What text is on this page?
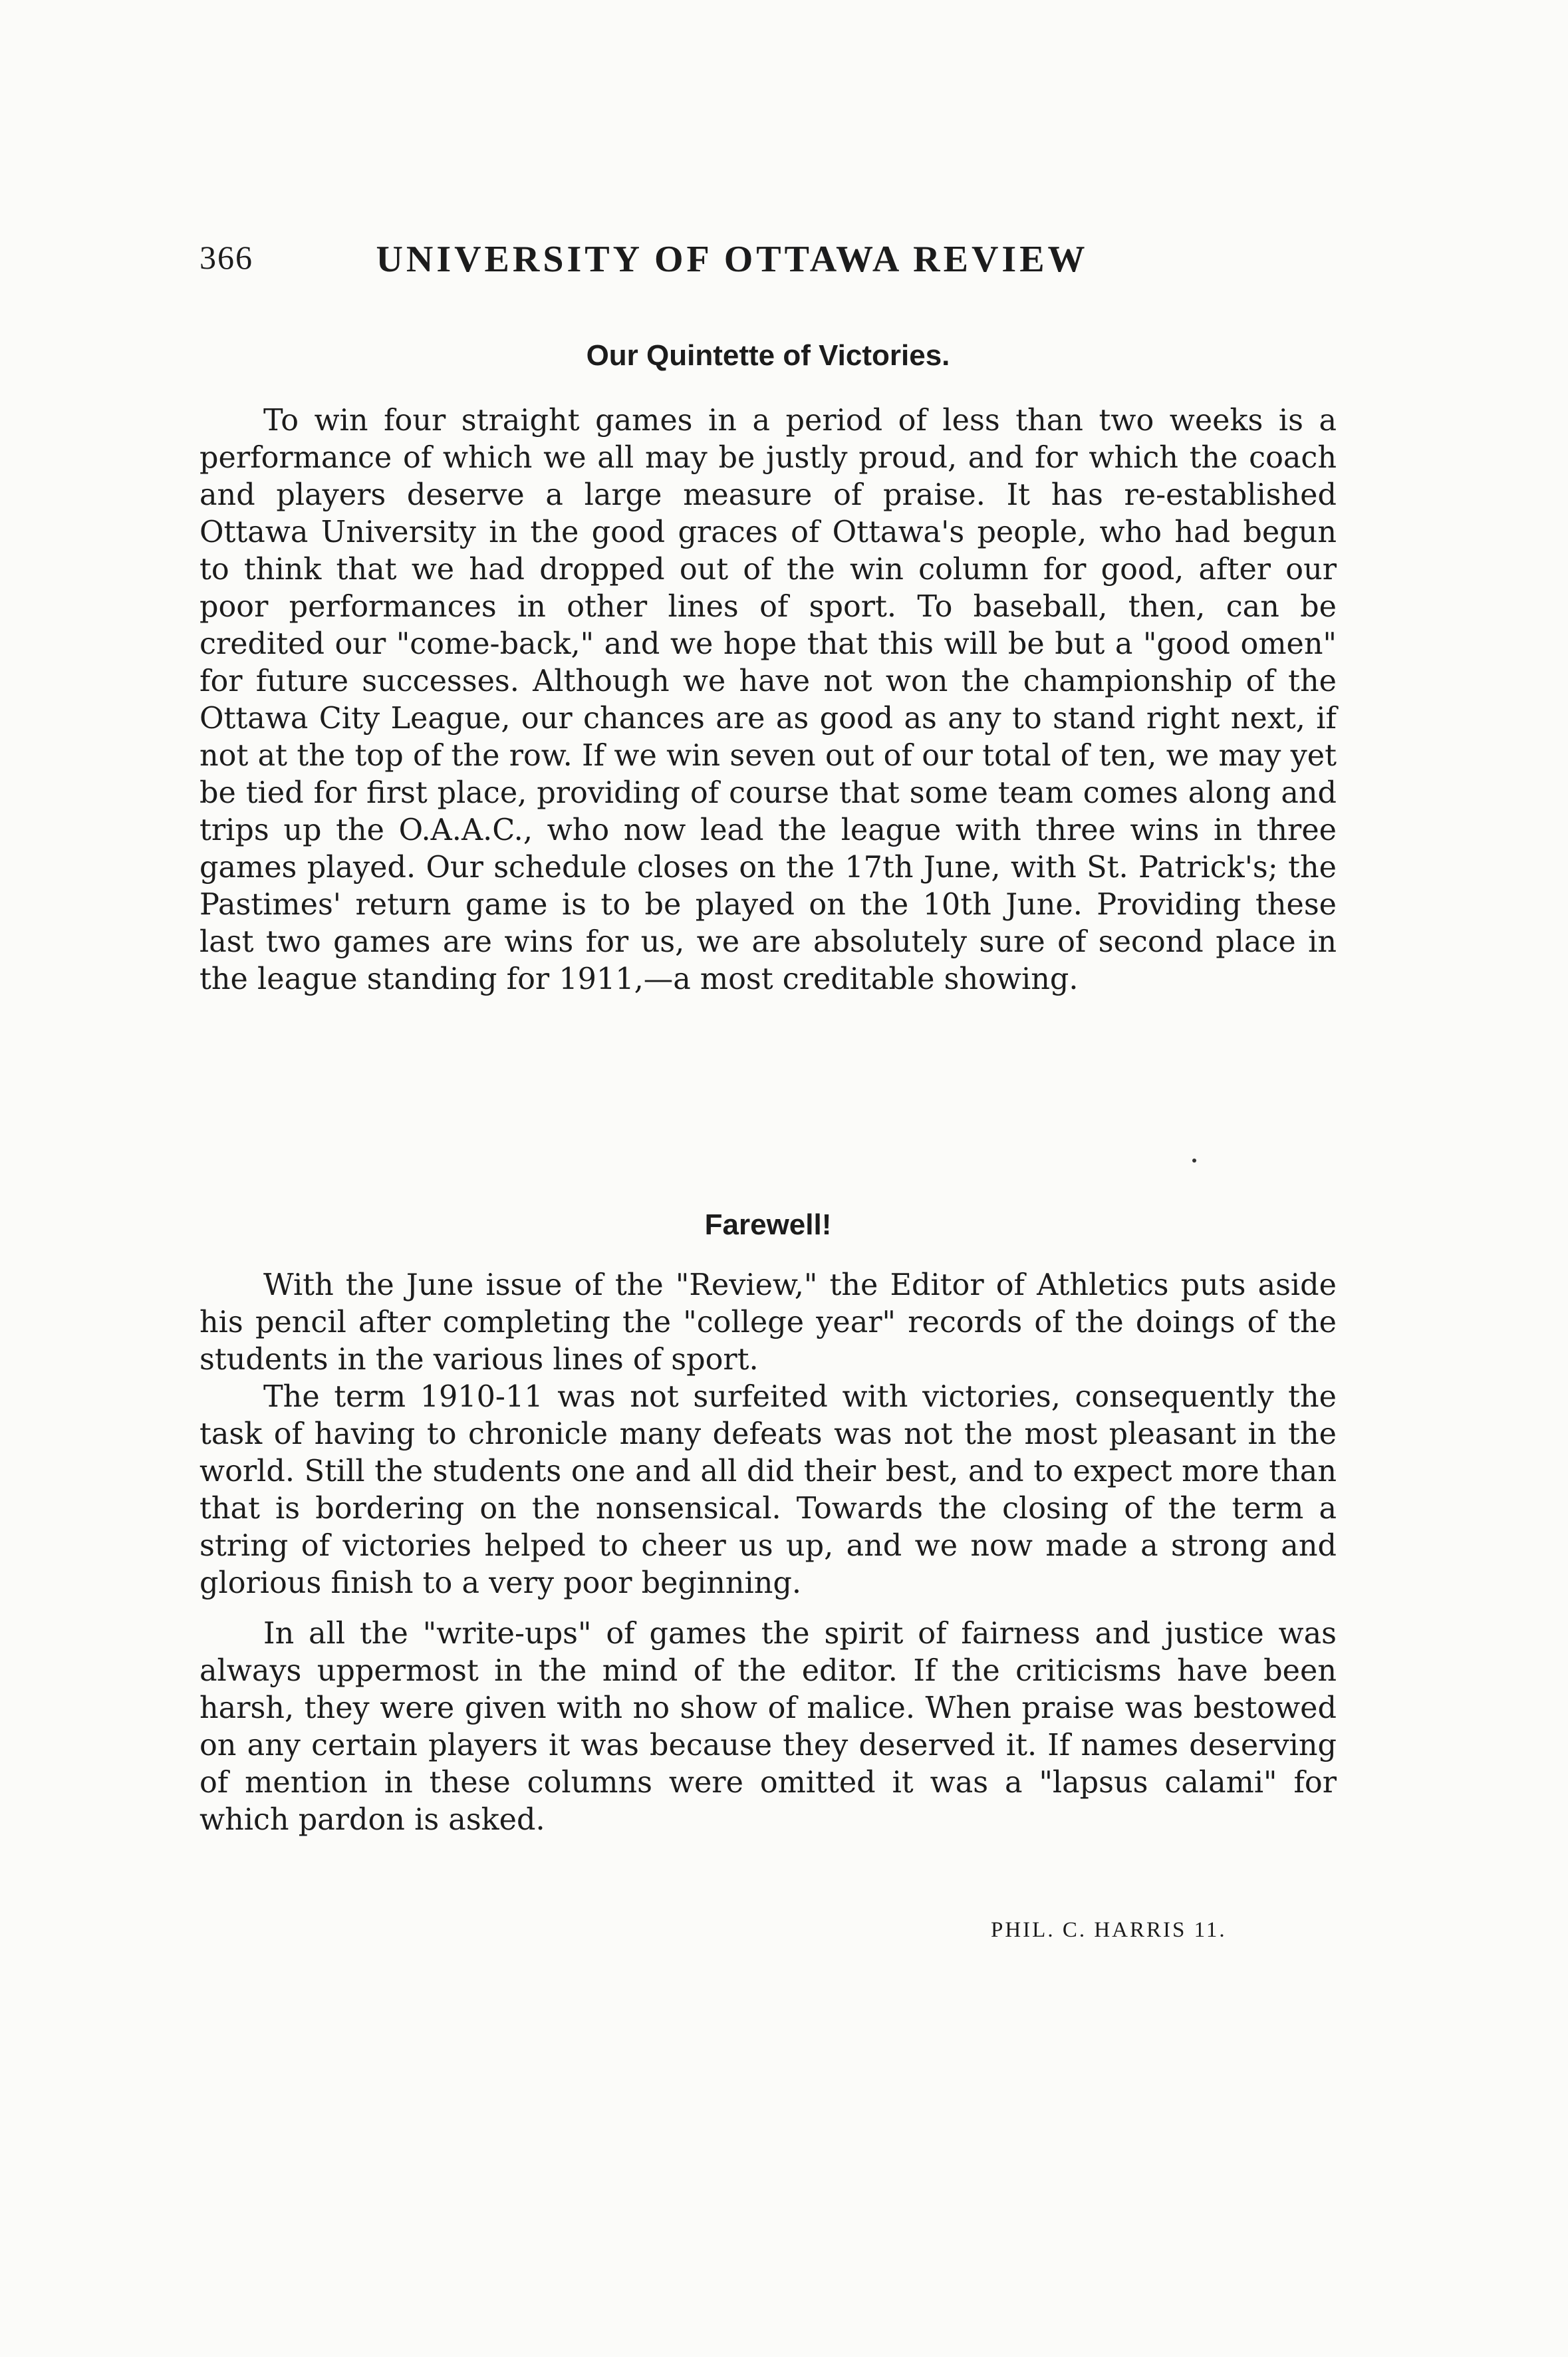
366	UNIVERSITY OF OTTAWA REVIEW
Our Quintette of Victories.

To win four straight games in a period of less than two weeks is a performance of which we all may be justly proud, and for which the coach and players deserve a large measure of praise. It has re-established Ottawa University in the good graces of Ottawa's people, who had begun to think that we had dropped out of the win column for good, after our poor performances in other lines of sport. To baseball, then, can be credited our "come-back," and we hope that this will be but a "good omen" for future successes. Although we have not won the championship of the Ottawa City League, our chances are as good as any to stand right next, if not at the top of the row. If we win seven out of our total of ten, we may yet be tied for first place, providing of course that some team comes along and trips up the O.A.A.C., who now lead the league with three wins in three games played. Our schedule closes on the 17th June, with St. Patrick's; the Pastimes' return game is to be played on the 10th June. Providing these last two games are wins for us, we are absolutely sure of second place in the league standing for 1911,—a most creditable showing.

Farewell!

With the June issue of the "Review," the Editor of Athletics puts aside his pencil after completing the "college year" records of the doings of the students in the various lines of sport.

The term 1910-11 was not surfeited with victories, consequently the task of having to chronicle many defeats was not the most pleasant in the world. Still the students one and all did their best, and to expect more than that is bordering on the nonsensical. Towards the closing of the term a string of victories helped to cheer us up, and we now made a strong and glorious finish to a very poor beginning.

In all the "write-ups" of games the spirit of fairness and justice was always uppermost in the mind of the editor. If the criticisms have been harsh, they were given with no show of malice. When praise was bestowed on any certain players it was because they deserved it. If names deserving of mention in these columns were omitted it was a "lapsus calami" for which pardon is asked.

PHIL. C. HARRIS 11.
